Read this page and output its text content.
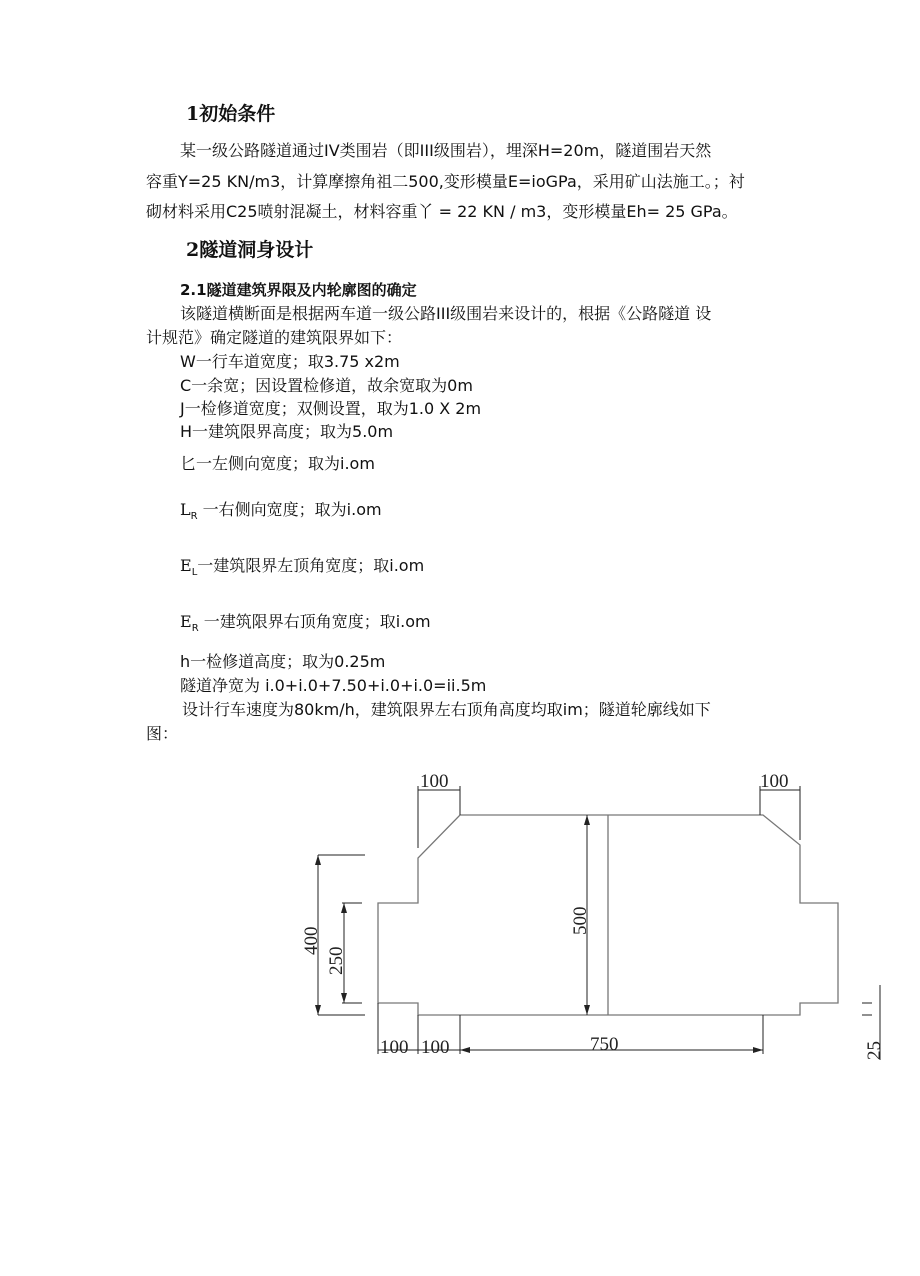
1初始条件
某一级公路隧道通过IV类围岩（即III级围岩），埋深H=20m，隧道围岩天然
容重Y=25 KN/m3，计算摩擦角祖二500,变形模量E=ioGPa，采用矿山法施工。；衬
砌材料采用C25喷射混凝土，材料容重丫 = 22 KN / m3，变形模量Eh= 25 GPa。
2隧道洞身设计
2.1隧道建筑界限及内轮廓图的确定
该隧道横断面是根据两车道一级公路III级围岩来设计的，根据《公路隧道 设
计规范》确定隧道的建筑限界如下：
W一行车道宽度；取3.75 x2m
C一余宽；因设置检修道，故余宽取为0m
J一检修道宽度；双侧设置，取为1.0 X 2m
H一建筑限界高度；取为5.0m
匕一左侧向宽度；取为i.om
$L_R$ 一右侧向宽度；取为i.om
$E_L$一建筑限界左顶角宽度；取i.om
$E_R$ 一建筑限界右顶角宽度；取i.om
h一检修道高度；取为0.25m
隧道净宽为 i.0+i.0+7.50+i.0+i.0=ii.5m
设计行车速度为80km/h，建筑限界左右顶角高度均取im；隧道轮廓线如下
图：
100	100
500
400
250
100 100	750	25
